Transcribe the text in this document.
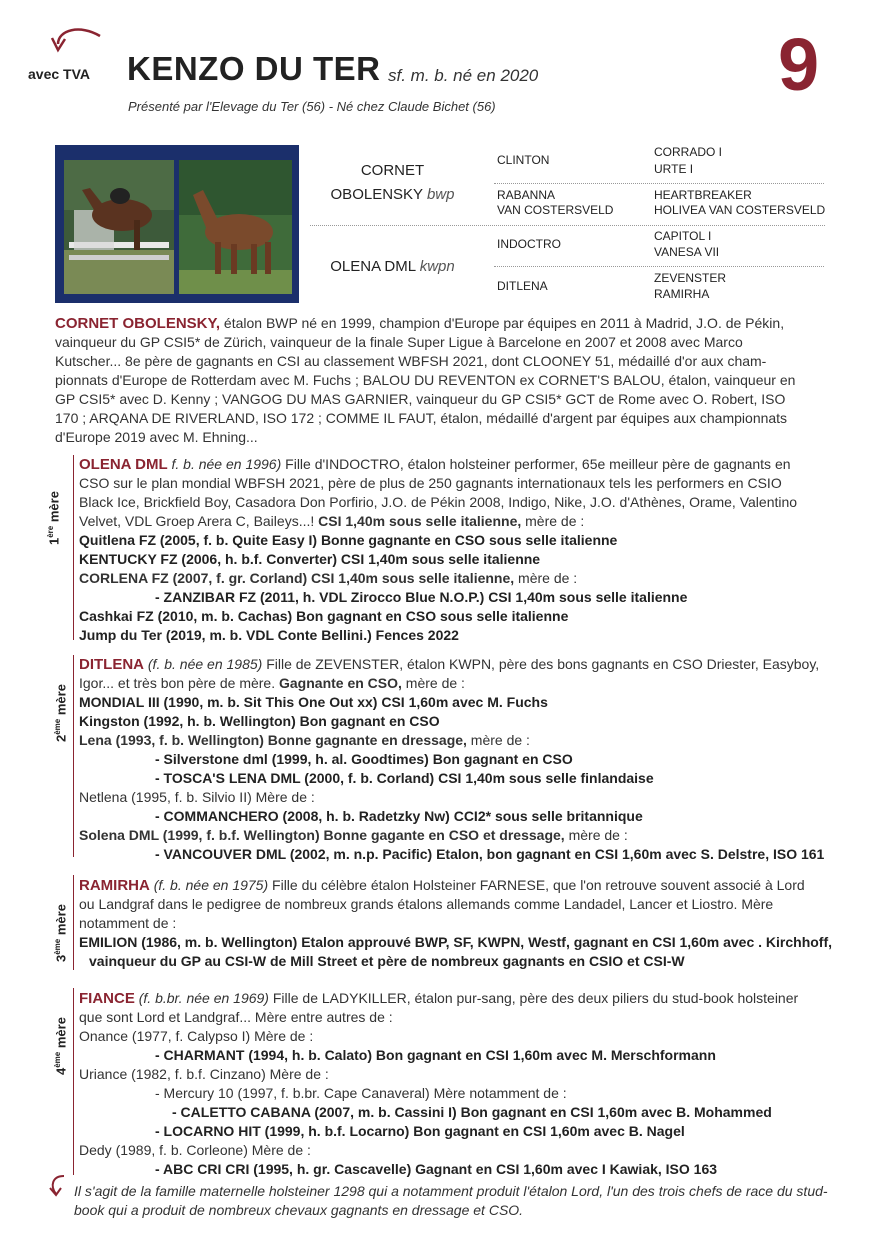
avec TVA KENZO DU TER sf. m. b. né en 2020	9
Présenté par l'Elevage du Ter (56) - Né chez Claude Bichet (56)
CORNET
OBOLENSKY bwp
OLENA DML kwpn
CLINTON
RABANNA
VAN COSTERSVELD
INDOCTRO
DITLENA
CORRADO I
URTE I
HEARTBREAKER
HOLIVEA VAN COSTERSVELD
CAPITOL I
VANESA VII
ZEVENSTER
RAMIRHA
CORNET OBOLENSKY, étalon BWP né en 1999, champion d'Europe par équipes en 2011 à Madrid, J.O. de Pékin,
vainqueur du GP CSI5* de Zürich, vainqueur de la finale Super Ligue à Barcelone en 2007 et 2008 avec Marco
Kutscher... 8e père de gagnants en CSI au classement WBFSH 2021, dont CLOONEY 51, médaillé d'or aux cham-
pionnats d'Europe de Rotterdam avec M. Fuchs ; BALOU DU REVENTON ex CORNET'S BALOU, étalon, vainqueur en
GP CSI5* avec D. Kenny ; VANGOG DU MAS GARNIER, vainqueur du GP CSI5* GCT de Rome avec O. Robert, ISO
170 ; ARQANA DE RIVERLAND, ISO 172 ; COMME IL FAUT, étalon, médaillé d'argent par équipes aux championnats
d'Europe 2019 avec M. Ehning...
1ère mère
OLENA DML f. b. née en 1996) Fille d'INDOCTRO, étalon holsteiner performer, 65e meilleur père de gagnants en
CSO sur le plan mondial WBFSH 2021, père de plus de 250 gagnants internationaux tels les performers en CSIO
Black Ice, Brickfield Boy, Casadora Don Porfirio, J.O. de Pékin 2008, Indigo, Nike, J.O. d'Athènes, Orame, Valentino
Velvet, VDL Groep Arera C, Baileys...! CSI 1,40m sous selle italienne, mère de :
Quitlena FZ (2005, f. b. Quite Easy I) Bonne gagnante en CSO sous selle italienne
KENTUCKY FZ (2006, h. b.f. Converter) CSI 1,40m sous selle italienne
CORLENA FZ (2007, f. gr. Corland) CSI 1,40m sous selle italienne, mère de :
- ZANZIBAR FZ (2011, h. VDL Zirocco Blue N.O.P.) CSI 1,40m sous selle italienne
Cashkai FZ (2010, m. b. Cachas) Bon gagnant en CSO sous selle italienne
Jump du Ter (2019, m. b. VDL Conte Bellini.) Fences 2022
2ème mère
DITLENA (f. b. née en 1985) Fille de ZEVENSTER, étalon KWPN, père des bons gagnants en CSO Driester, Easyboy,
Igor... et très bon père de mère. Gagnante en CSO, mère de :
MONDIAL III (1990, m. b. Sit This One Out xx) CSI 1,60m avec M. Fuchs
Kingston (1992, h. b. Wellington) Bon gagnant en CSO
Lena (1993, f. b. Wellington) Bonne gagnante en dressage, mère de :
- Silverstone dml (1999, h. al. Goodtimes) Bon gagnant en CSO
- TOSCA'S LENA DML (2000, f. b. Corland) CSI 1,40m sous selle finlandaise
Netlena (1995, f. b. Silvio II) Mère de :
- COMMANCHERO (2008, h. b. Radetzky Nw) CCI2* sous selle britannique
Solena DML (1999, f. b.f. Wellington) Bonne gagante en CSO et dressage, mère de :
- VANCOUVER DML (2002, m. n.p. Pacific) Etalon, bon gagnant en CSI 1,60m avec S. Delstre, ISO 161
3ème mère
RAMIRHA (f. b. née en 1975) Fille du célèbre étalon Holsteiner FARNESE, que l'on retrouve souvent associé à Lord
ou Landgraf dans le pedigree de nombreux grands étalons allemands comme Landadel, Lancer et Liostro. Mère
notamment de :
EMILION (1986, m. b. Wellington) Etalon approuvé BWP, SF, KWPN, Westf, gagnant en CSI 1,60m avec . Kirchhoff,
vainqueur du GP au CSI-W de Mill Street et père de nombreux gagnants en CSIO et CSI-W
4ème mère
FIANCE (f. b.br. née en 1969) Fille de LADYKILLER, étalon pur-sang, père des deux piliers du stud-book holsteiner
que sont Lord et Landgraf... Mère entre autres de :
Onance (1977, f. Calypso I) Mère de :
- CHARMANT (1994, h. b. Calato) Bon gagnant en CSI 1,60m avec M. Merschformann
Uriance (1982, f. b.f. Cinzano) Mère de :
- Mercury 10 (1997, f. b.br. Cape Canaveral) Mère notamment de :
- CALETTO CABANA (2007, m. b. Cassini I) Bon gagnant en CSI 1,60m avec B. Mohammed
- LOCARNO HIT (1999, h. b.f. Locarno) Bon gagnant en CSI 1,60m avec B. Nagel
Dedy (1989, f. b. Corleone) Mère de :
- ABC CRI CRI (1995, h. gr. Cascavelle) Gagnant en CSI 1,60m avec I Kawiak, ISO 163
Il s'agit de la famille maternelle holsteiner 1298 qui a notamment produit l'étalon Lord, l'un des trois chefs de race du stud-book qui a produit de nombreux chevaux gagnants en dressage et CSO.
